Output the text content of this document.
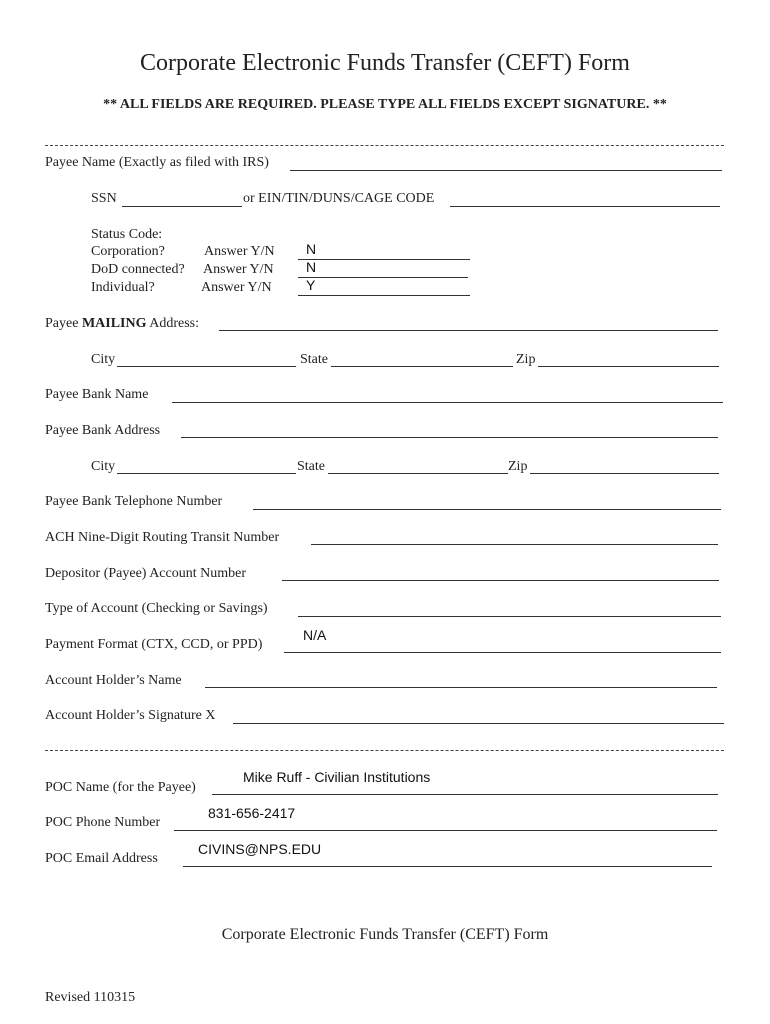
Corporate Electronic Funds Transfer (CEFT) Form
** ALL FIELDS ARE REQUIRED. PLEASE TYPE ALL FIELDS EXCEPT SIGNATURE. **
Payee Name (Exactly as filed with IRS)
SSN	or EIN/TIN/DUNS/CAGE CODE
Status Code:
Corporation?	Answer Y/N N
DoD connected? Answer Y/N N
Individual?	Answer Y/N Y
Payee MAILING Address:
City	State	Zip
Payee Bank Name
Payee Bank Address
City	State	Zip
Payee Bank Telephone Number
ACH Nine-Digit Routing Transit Number
Depositor (Payee) Account Number
Type of Account (Checking or Savings)
Payment Format (CTX, CCD, or PPD)
N/A
Account Holder’s Name
Account Holder’s Signature X
POC Name (for the Payee)
Mike Ruff - Civilian Institutions
POC Phone Number
831-656-2417
POC Email Address
CIVINS@NPS.EDU
Corporate Electronic Funds Transfer (CEFT) Form
Revised 110315
